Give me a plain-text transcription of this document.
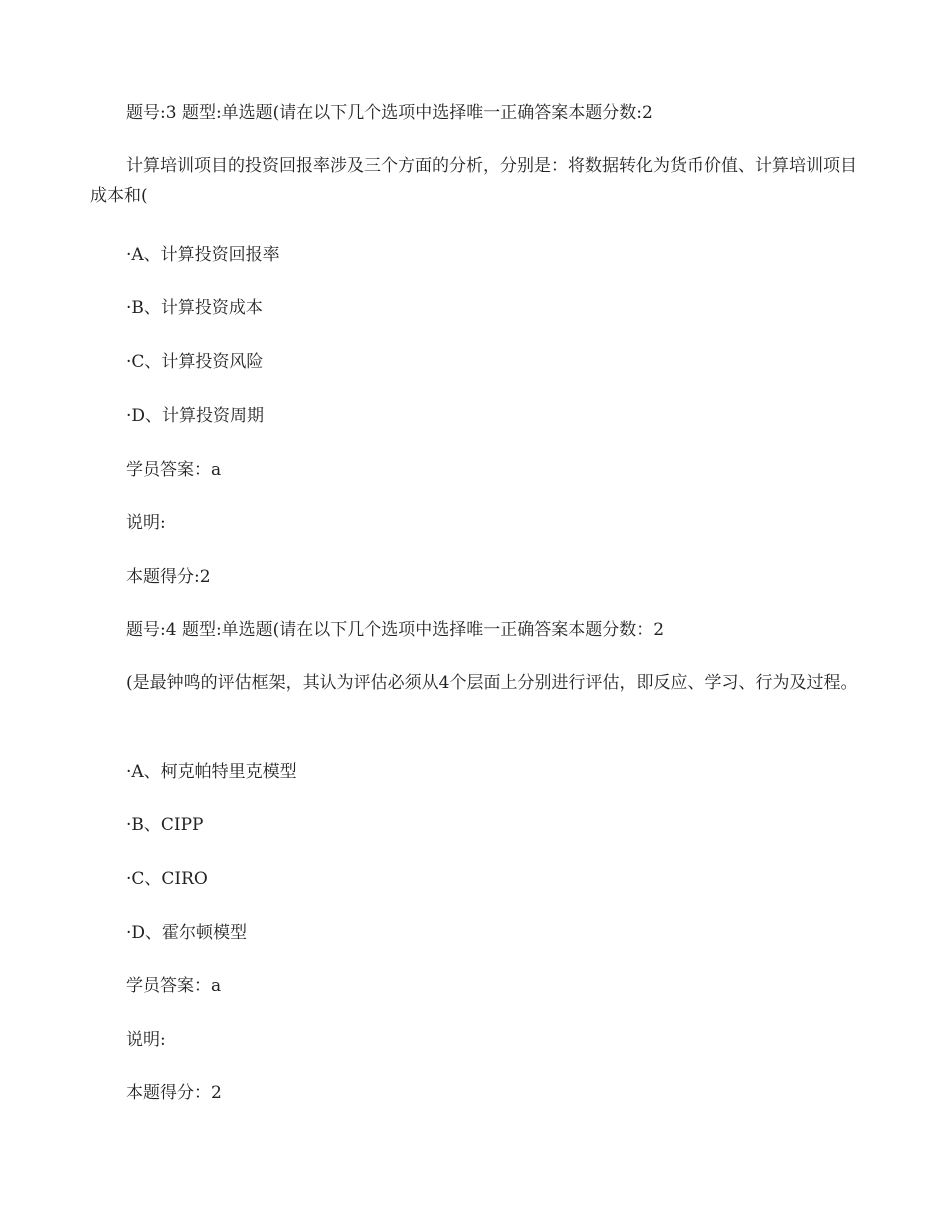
题号:3 题型:单选题(请在以下几个选项中选择唯一正确答案本题分数:2
计算培训项目的投资回报率涉及三个方面的分析，分别是：将数据转化为货币价值、计算培训项目成本和(
·A、计算投资回报率
·B、计算投资成本
·C、计算投资风险
·D、计算投资周期
学员答案：a
说明:
本题得分:2
题号:4 题型:单选题(请在以下几个选项中选择唯一正确答案本题分数：2
(是最钟鸣的评估框架，其认为评估必须从4个层面上分别进行评估，即反应、学习、行为及过程。
·A、柯克帕特里克模型
·B、CIPP
·C、CIRO
·D、霍尔顿模型
学员答案：a
说明:
本题得分：2
